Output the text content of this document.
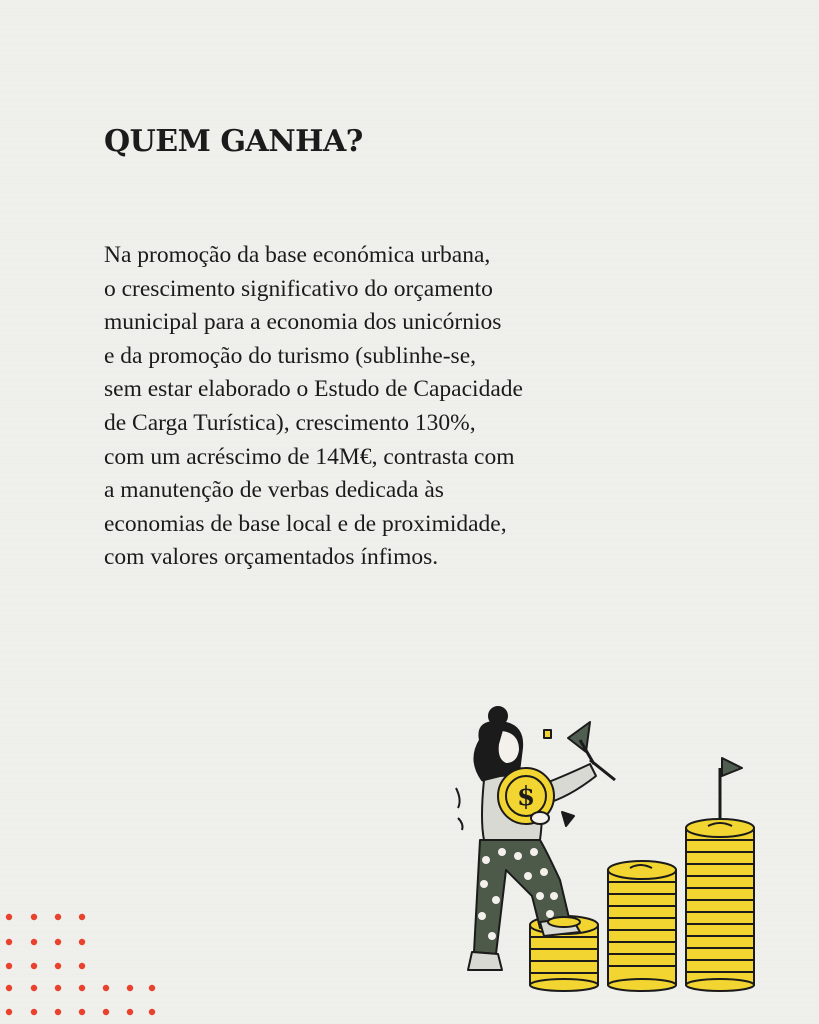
QUEM GANHA?

Na promoção da base económica urbana,
o crescimento significativo do orçamento
municipal para a economia dos unicórnios
e da promoção do turismo (sublinhe-se,
sem estar elaborado o Estudo de Capacidade
de Carga Turística), crescimento 130%,
com um acréscimo de 14M€, contrasta com
a manutenção de verbas dedicada às
economias de base local e de proximidade,
com valores orçamentados ínfimos.

$
